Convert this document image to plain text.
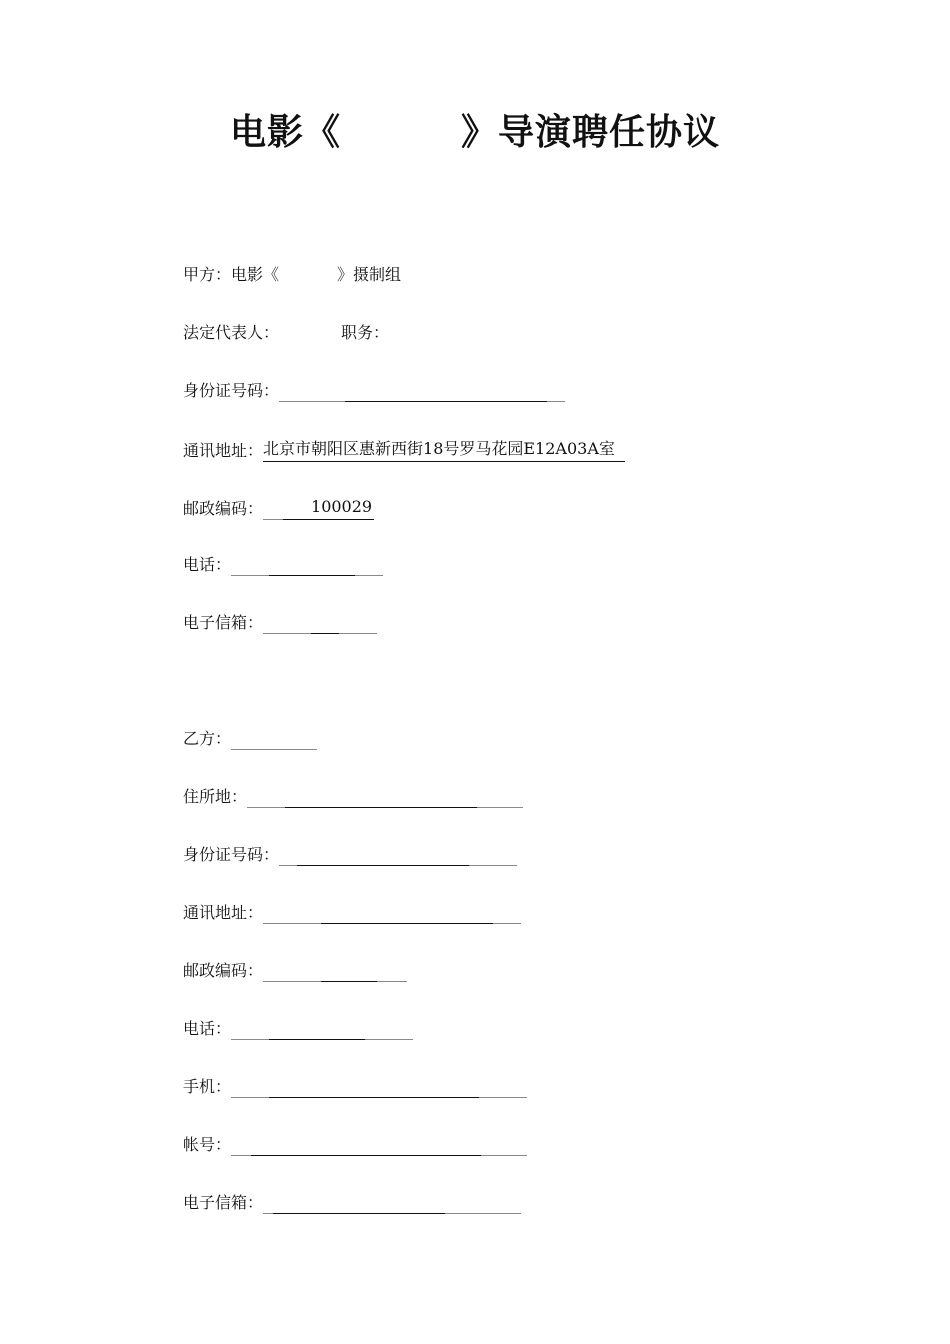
电影《	》导演聘任协议
甲方：电影《	》摄制组
法定代表人：	职务：
身份证号码：
通讯地址：北京市朝阳区惠新西街18号罗马花园E12A03A室
邮政编码：	100029
电话：
电子信箱：
乙方：
住所地：
身份证号码：
通讯地址：
邮政编码：
电话：
手机：
帐号：
电子信箱：
